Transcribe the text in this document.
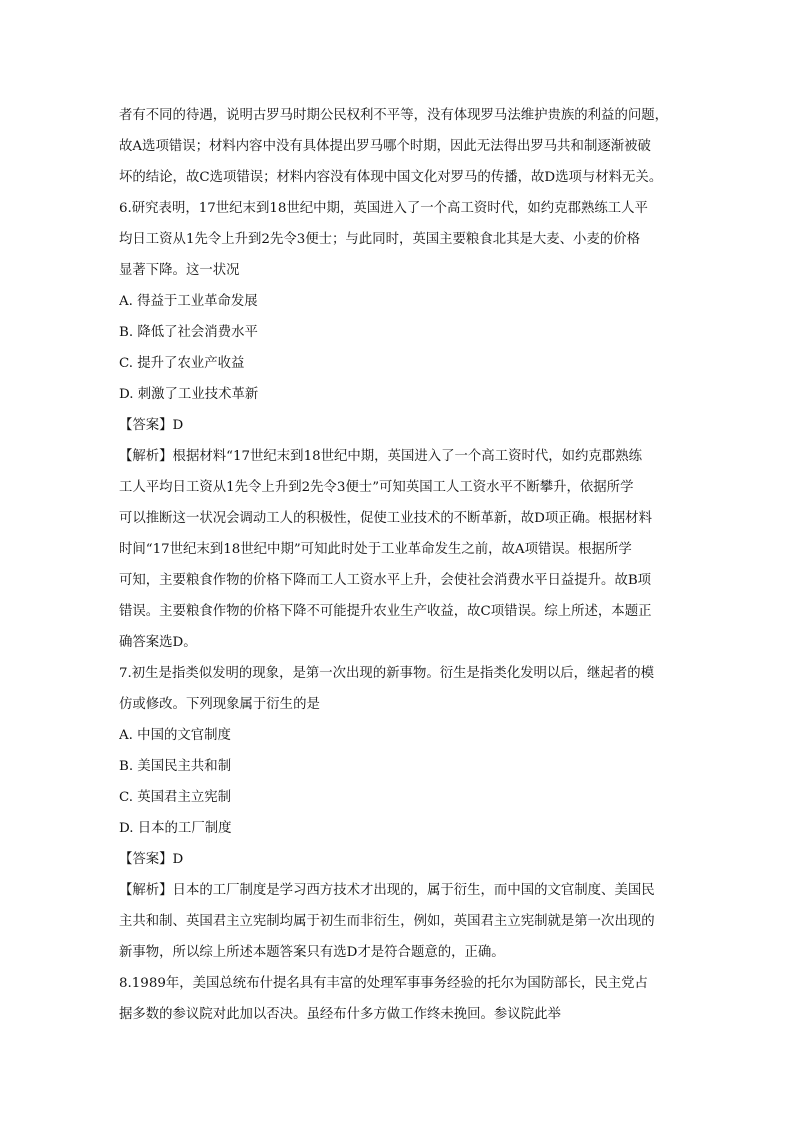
者有不同的待遇，说明古罗马时期公民权利不平等，没有体现罗马法维护贵族的利益的问题，
故A选项错误；材料内容中没有具体提出罗马哪个时期，因此无法得出罗马共和制逐渐被破
坏的结论，故C选项错误；材料内容没有体现中国文化对罗马的传播，故D选项与材料无关。
6.研究表明，17世纪末到18世纪中期，英国进入了一个高工资时代，如约克郡熟练工人平
均日工资从1先令上升到2先令3便士；与此同时，英国主要粮食北其是大麦、小麦的价格
显著下降。这一状况
A. 得益于工业革命发展
B. 降低了社会消费水平
C. 提升了农业产收益
D. 刺激了工业技术革新
【答案】D
【解析】根据材料“17世纪末到18世纪中期，英国进入了一个高工资时代，如约克郡熟练
工人平均日工资从1先令上升到2先令3便士”可知英国工人工资水平不断攀升，依据所学
可以推断这一状况会调动工人的积极性，促使工业技术的不断革新，故D项正确。根据材料
时间“17世纪末到18世纪中期”可知此时处于工业革命发生之前，故A项错误。根据所学
可知，主要粮食作物的价格下降而工人工资水平上升，会使社会消费水平日益提升。故B项
错误。主要粮食作物的价格下降不可能提升农业生产收益，故C项错误。综上所述，本题正
确答案选D。
7.初生是指类似发明的现象，是第一次出现的新事物。衍生是指类化发明以后，继起者的模
仿或修改。下列现象属于衍生的是
A. 中国的文官制度
B. 美国民主共和制
C. 英国君主立宪制
D. 日本的工厂制度
【答案】D
【解析】日本的工厂制度是学习西方技术才出现的，属于衍生，而中国的文官制度、美国民
主共和制、英国君主立宪制均属于初生而非衍生，例如，英国君主立宪制就是第一次出现的
新事物，所以综上所述本题答案只有选D才是符合题意的，正确。
8.1989年，美国总统布什提名具有丰富的处理军事事务经验的托尔为国防部长，民主党占
据多数的参议院对此加以否决。虽经布什多方做工作终未挽回。参议院此举
